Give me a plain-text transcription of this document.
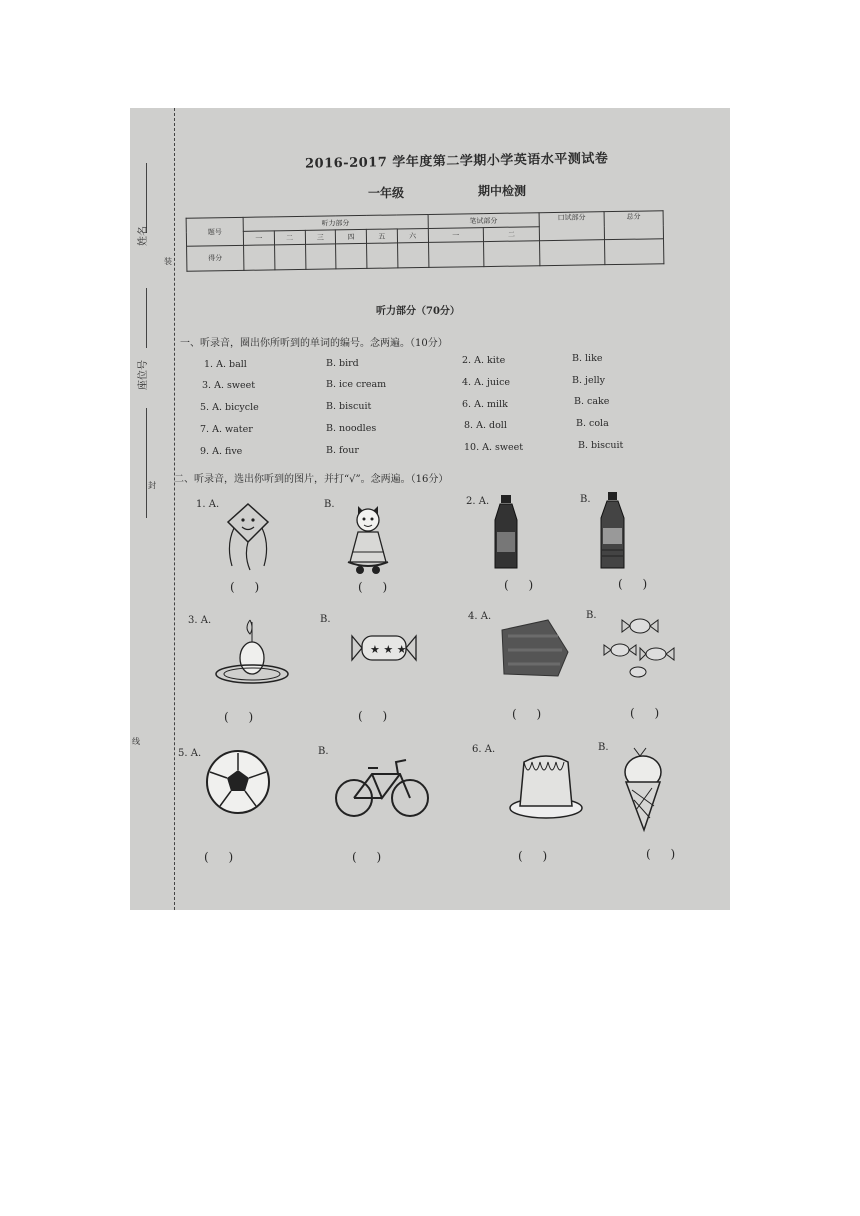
姓名
座位号
装
封
线
2016-2017 学年度第二学期小学英语水平测试卷
一年级	期中检测
题号	听力部分						笔试部分		口试部分	总分
	一	二	三	四	五	六	一	二		
得分										
听力部分（70分）
一、听录音，圈出你所听到的单词的编号。念两遍。（10分）
1. A. ball	B. bird	2. A. kite	B. like
3. A. sweet	B. ice cream	4. A. juice	B. jelly
5. A. bicycle	B. biscuit	6. A. milk	B. cake
7. A. water	B. noodles	8. A. doll	B. cola
9. A. five	B. four	10. A. sweet	B. biscuit
二、听录音，选出你听到的图片，并打“√”。念两遍。（16分）
1. A.	B.	2. A.	B.
( )	( )	( )	( )
3. A.	B.	4. A.	B.
★ ★ ★
( )	( )	( )	( )
5. A.	B.	6. A.	B.
( )	( )	( )	( )
